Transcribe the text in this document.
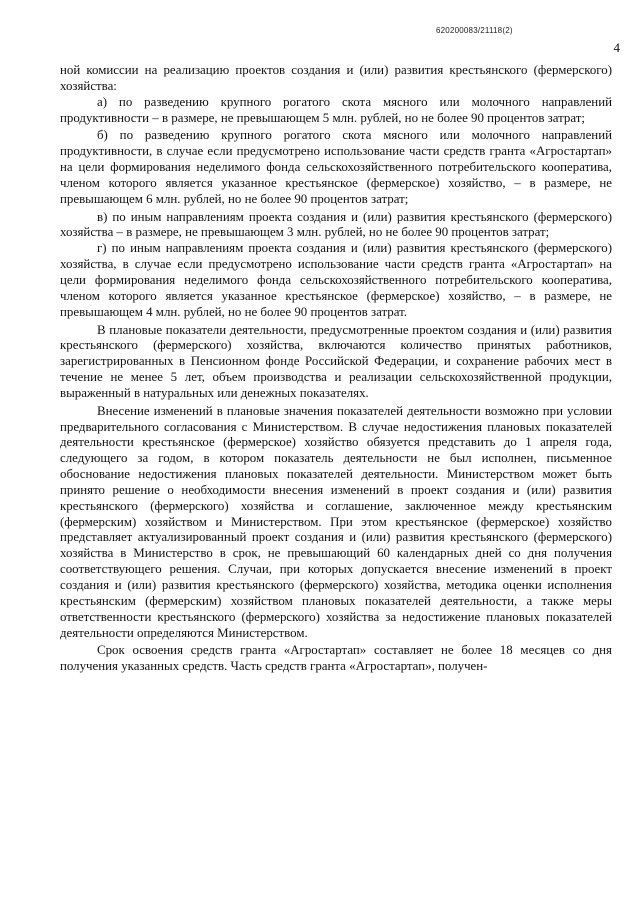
620200083/21118(2)
4

ной комиссии на реализацию проектов создания и (или) развития крестьянского (фермерского) хозяйства:

а) по разведению крупного рогатого скота мясного или молочного направлений продуктивности – в размере, не превышающем 5 млн. рублей, но не более 90 процентов затрат;

б) по разведению крупного рогатого скота мясного или молочного направлений продуктивности, в случае если предусмотрено использование части средств гранта «Агростартап» на цели формирования неделимого фонда сельскохозяйственного потребительского кооператива, членом которого является указанное крестьянское (фермерское) хозяйство, – в размере, не превышающем 6 млн. рублей, но не более 90 процентов затрат;

в) по иным направлениям проекта создания и (или) развития крестьянского (фермерского) хозяйства – в размере, не превышающем 3 млн. рублей, но не более 90 процентов затрат;

г) по иным направлениям проекта создания и (или) развития крестьянского (фермерского) хозяйства, в случае если предусмотрено использование части средств гранта «Агростартап» на цели формирования неделимого фонда сельскохозяйственного потребительского кооператива, членом которого является указанное крестьянское (фермерское) хозяйство, – в размере, не превышающем 4 млн. рублей, но не более 90 процентов затрат.

В плановые показатели деятельности, предусмотренные проектом создания и (или) развития крестьянского (фермерского) хозяйства, включаются количество принятых работников, зарегистрированных в Пенсионном фонде Российской Федерации, и сохранение рабочих мест в течение не менее 5 лет, объем производства и реализации сельскохозяйственной продукции, выраженный в натуральных или денежных показателях.

Внесение изменений в плановые значения показателей деятельности возможно при условии предварительного согласования с Министерством. В случае недостижения плановых показателей деятельности крестьянское (фермерское) хозяйство обязуется представить до 1 апреля года, следующего за годом, в котором показатель деятельности не был исполнен, письменное обоснование недостижения плановых показателей деятельности. Министерством может быть принято решение о необходимости внесения изменений в проект создания и (или) развития крестьянского (фермерского) хозяйства и соглашение, заключенное между крестьянским (фермерским) хозяйством и Министерством. При этом крестьянское (фермерское) хозяйство представляет актуализированный проект создания и (или) развития крестьянского (фермерского) хозяйства в Министерство в срок, не превышающий 60 календарных дней со дня получения соответствующего решения. Случаи, при которых допускается внесение изменений в проект создания и (или) развития крестьянского (фермерского) хозяйства, методика оценки исполнения крестьянским (фермерским) хозяйством плановых показателей деятельности, а также меры ответственности крестьянского (фермерского) хозяйства за недостижение плановых показателей деятельности определяются Министерством.

Срок освоения средств гранта «Агростартап» составляет не более 18 месяцев со дня получения указанных средств. Часть средств гранта «Агростартап», получен-
